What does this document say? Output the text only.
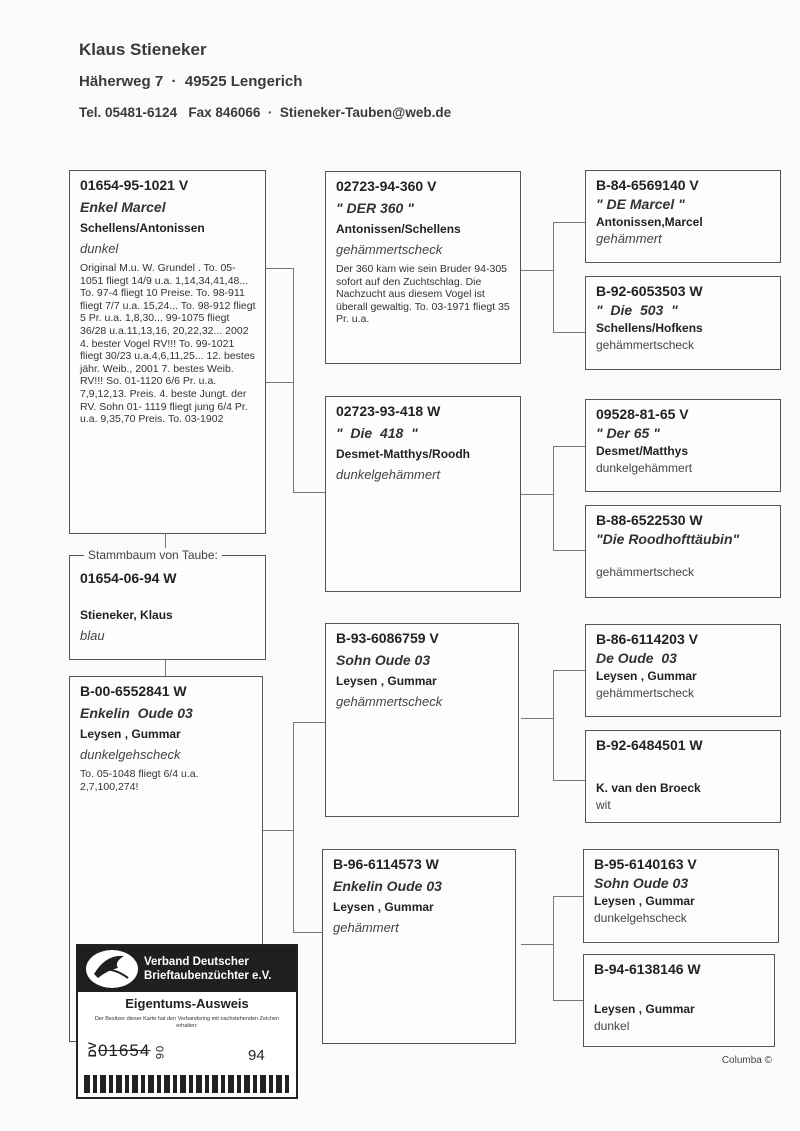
Klaus Stieneker
Häherweg 7  ·  49525 Lengerich
Tel. 05481-6124   Fax 846066  ·  Stieneker-Tauben@web.de
01654-95-1021 V
Enkel Marcel
Schellens/Antonissen
dunkel
Original M.u. W. Grundel . To. 05-1051 fliegt 14/9 u.a. 1,14,34,41,48... To. 97-4 fliegt 10 Preise. To. 98-911 fliegt 7/7 u.a. 15,24... To. 98-912 fliegt 5 Pr. u.a. 1,8,30... 99-1075 fliegt 36/28 u.a.11,13,16, 20,22,32... 2002 4. bester Vogel RV!!! To. 99-1021 fliegt 30/23 u.a.4,6,11,25... 12. bestes jähr. Weib., 2001 7. bestes Weib. RV!!! So. 01-1120 6/6 Pr. u.a. 7,9,12,13. Preis. 4. beste Jungt. der RV. Sohn 01- 1119 fliegt jung 6/4 Pr. u.a. 9,35,70 Preis. To. 03-1902
01654-06-94 W
Stieneker, Klaus
blau
Stammbaum von Taube:
B-00-6552841 W
Enkelin  Oude 03
Leysen , Gummar
dunkelgehscheck
To. 05-1048 fliegt 6/4 u.a. 2,7,100,274!
02723-94-360 V
" DER 360 "
Antonissen/Schellens
gehämmertscheck
Der 360 kam wie sein Bruder 94-305 sofort auf den Zuchtschlag. Die Nachzucht aus diesem Vogel ist überall gewaltig. To. 03-1971 fliegt 35 Pr. u.a.
02723-93-418 W
"  Die  418  "
Desmet-Matthys/Roodh
dunkelgehämmert
B-93-6086759 V
Sohn Oude 03
Leysen , Gummar
gehämmertscheck
B-96-6114573 W
Enkelin Oude 03
Leysen , Gummar
gehämmert
B-84-6569140 V
" DE Marcel "
Antonissen,Marcel
gehämmert
B-92-6053503 W
"  Die  503  "
Schellens/Hofkens
gehämmertscheck
09528-81-65 V
" Der 65 "
Desmet/Matthys
dunkelgehämmert
B-88-6522530 W
"Die Roodhofttäubin"
gehämmertscheck
B-86-6114203 V
De Oude  03
Leysen , Gummar
gehämmertscheck
B-92-6484501 W
K. van den Broeck
wit
B-95-6140163 V
Sohn Oude 03
Leysen , Gummar
dunkelgehscheck
B-94-6138146 W
Leysen , Gummar
dunkel
Verband Deutscher Brieftaubenzüchter e.V.
Eigentums-Ausweis
Der Besitzer dieser Karte hat den Verbandsring mit nachstehenden Zeichen erhalten:
DV 01654 06	94	Columba ©
